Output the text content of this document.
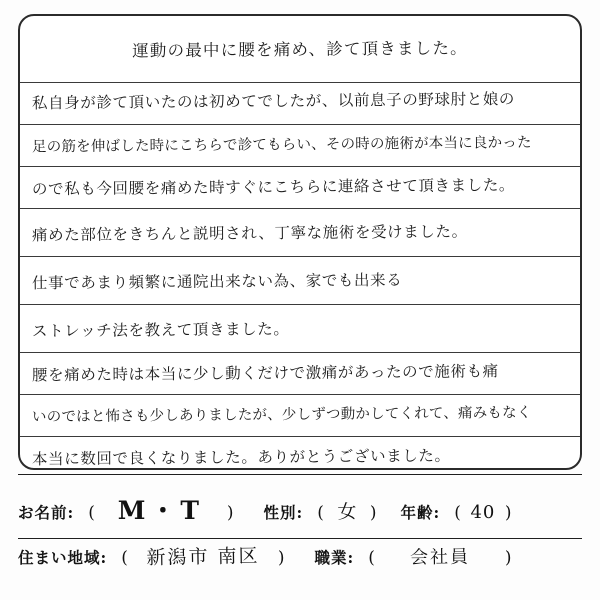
運動の最中に腰を痛め、診て頂きました。
私自身が診て頂いたのは初めてでしたが、以前息子の野球肘と娘の
足の筋を伸ばした時にこちらで診てもらい、その時の施術が本当に良かった
ので私も今回腰を痛めた時すぐにこちらに連絡させて頂きました。
痛めた部位をきちんと説明され、丁寧な施術を受けました。
仕事であまり頻繁に通院出来ない為、家でも出来る
ストレッチ法を教えて頂きました。
腰を痛めた時は本当に少し動くだけで激痛があったので施術も痛
いのではと怖さも少しありましたが、少しずつ動かしてくれて、痛みもなく
本当に数回で良くなりました。ありがとうございました。
お名前: ( M・T	) 性別: ( 女 ) 年齢: ( 40 )
住まい地域: ( 新潟市 南区	) 職業: (	会社員	)
